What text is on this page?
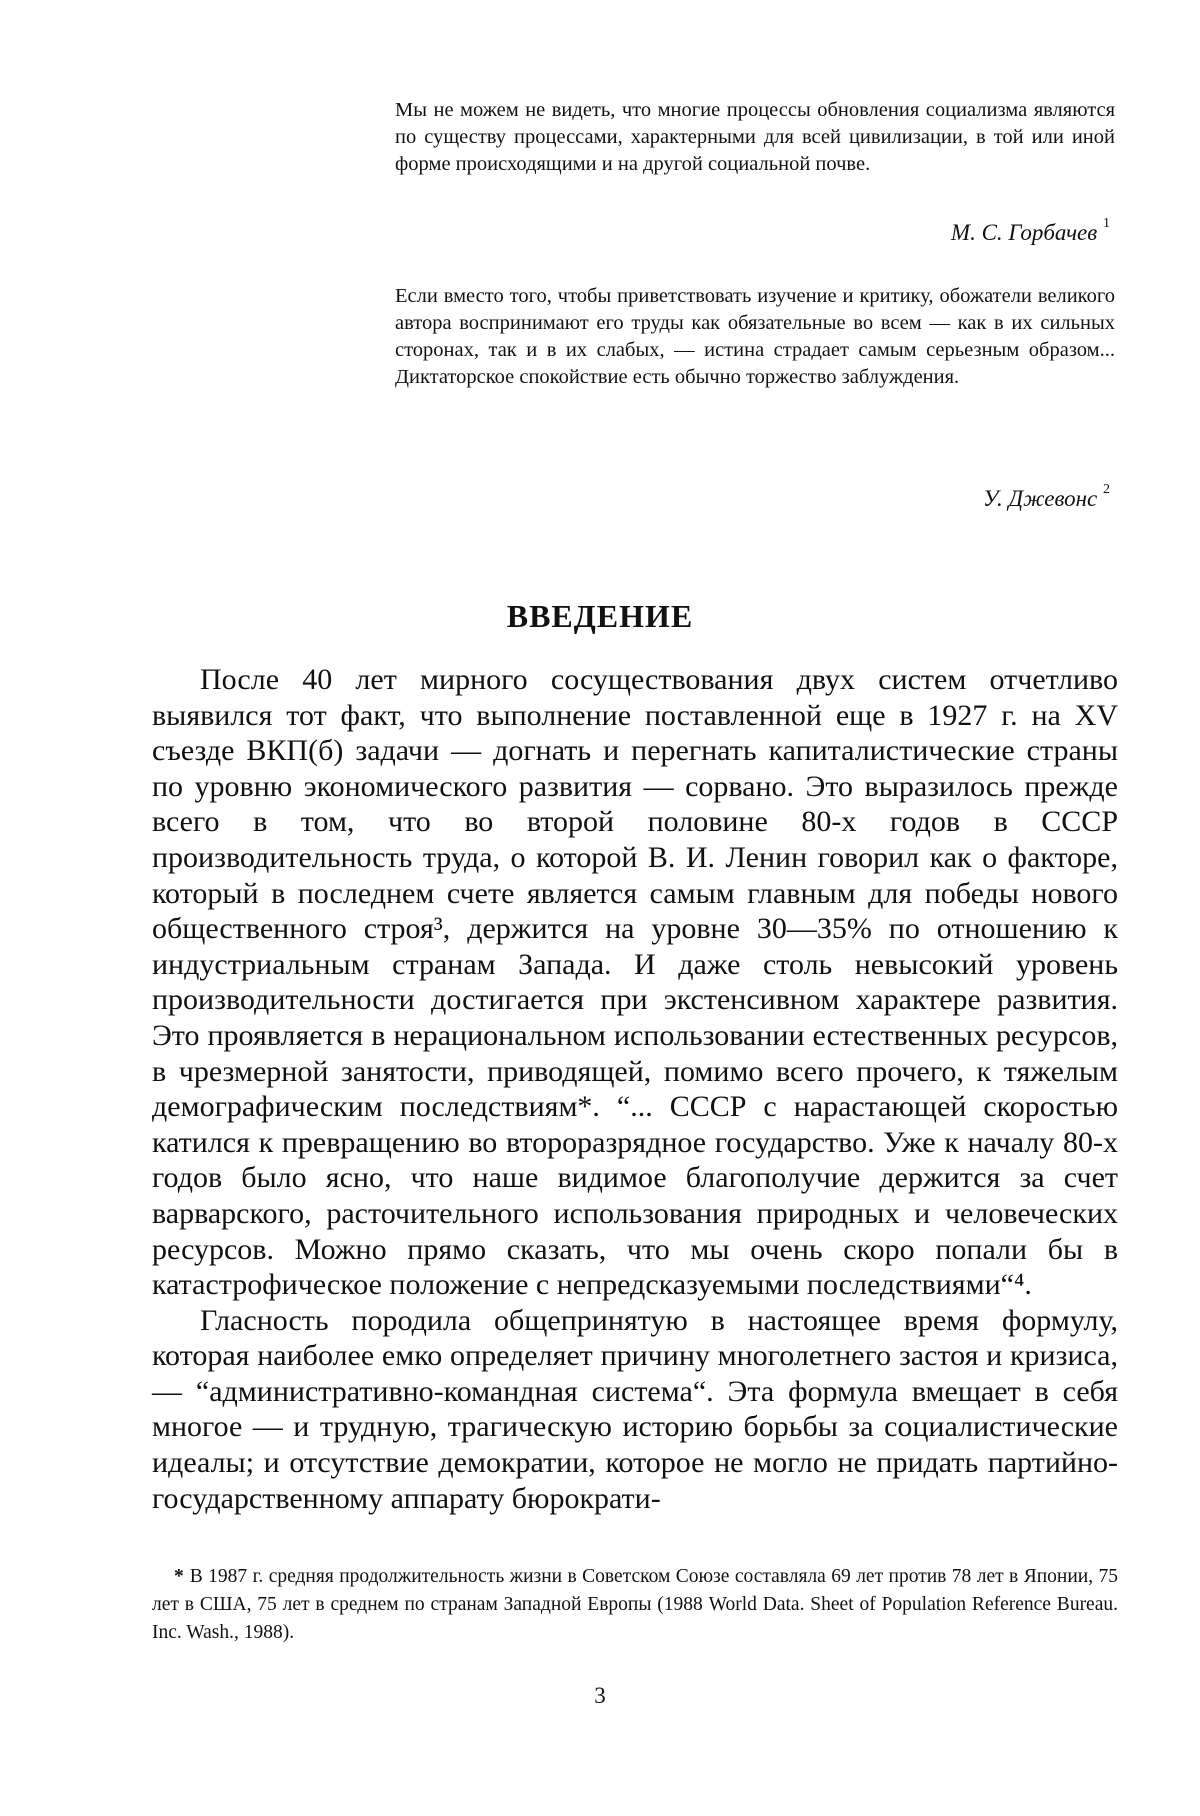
Мы не можем не видеть, что многие процессы обновления социализма являются по существу процессами, характерными для всей цивилизации, в той или иной форме происходящими и на другой социальной почве.

М. С. Горбачев $^1$

Если вместо того, чтобы приветствовать изучение и критику, обожатели великого автора воспринимают его труды как обязательные во всем — как в их сильных сторонах, так и в их слабых, — истина страдает самым серьезным образом... Диктаторское спокойствие есть обычно торжество заблуждения.

У. Джевонс $^2$
ВВЕДЕНИЕ

После 40 лет мирного сосуществования двух систем отчетливо выявился тот факт, что выполнение поставленной еще в 1927 г. на XV съезде ВКП(б) задачи — догнать и перегнать капиталистические страны по уровню экономического развития — сорвано. Это выразилось прежде всего в том, что во второй половине 80-х годов в СССР производительность труда, о которой В. И. Ленин говорил как о факторе, который в последнем счете является самым главным для победы нового общественного строя³, держится на уровне 30—35% по отношению к индустриальным странам Запада. И даже столь невысокий уровень производительности достигается при экстенсивном характере развития. Это проявляется в нерациональном использовании естественных ресурсов, в чрезмерной занятости, приводящей, помимо всего прочего, к тяжелым демографическим последствиям*. “... СССР с нарастающей скоростью катился к превращению во второразрядное государство. Уже к началу 80-х годов было ясно, что наше видимое благополучие держится за счет варварского, расточительного использования природных и человеческих ресурсов. Можно прямо сказать, что мы очень скоро попали бы в катастрофическое положение с непредсказуемыми последствиями“⁴.

Гласность породила общепринятую в настоящее время формулу, которая наиболее емко определяет причину многолетнего застоя и кризиса, — “административно-командная система“. Эта формула вмещает в себя многое — и трудную, трагическую историю борьбы за социалистические идеалы; и отсутствие демократии, которое не могло не придать партийно-государственному аппарату бюрократи-

* В 1987 г. средняя продолжительность жизни в Советском Союзе составляла 69 лет против 78 лет в Японии, 75 лет в США, 75 лет в среднем по странам Западной Европы (1988 World Data. Sheet of Population Reference Bureau. Inc. Wash., 1988).

3
